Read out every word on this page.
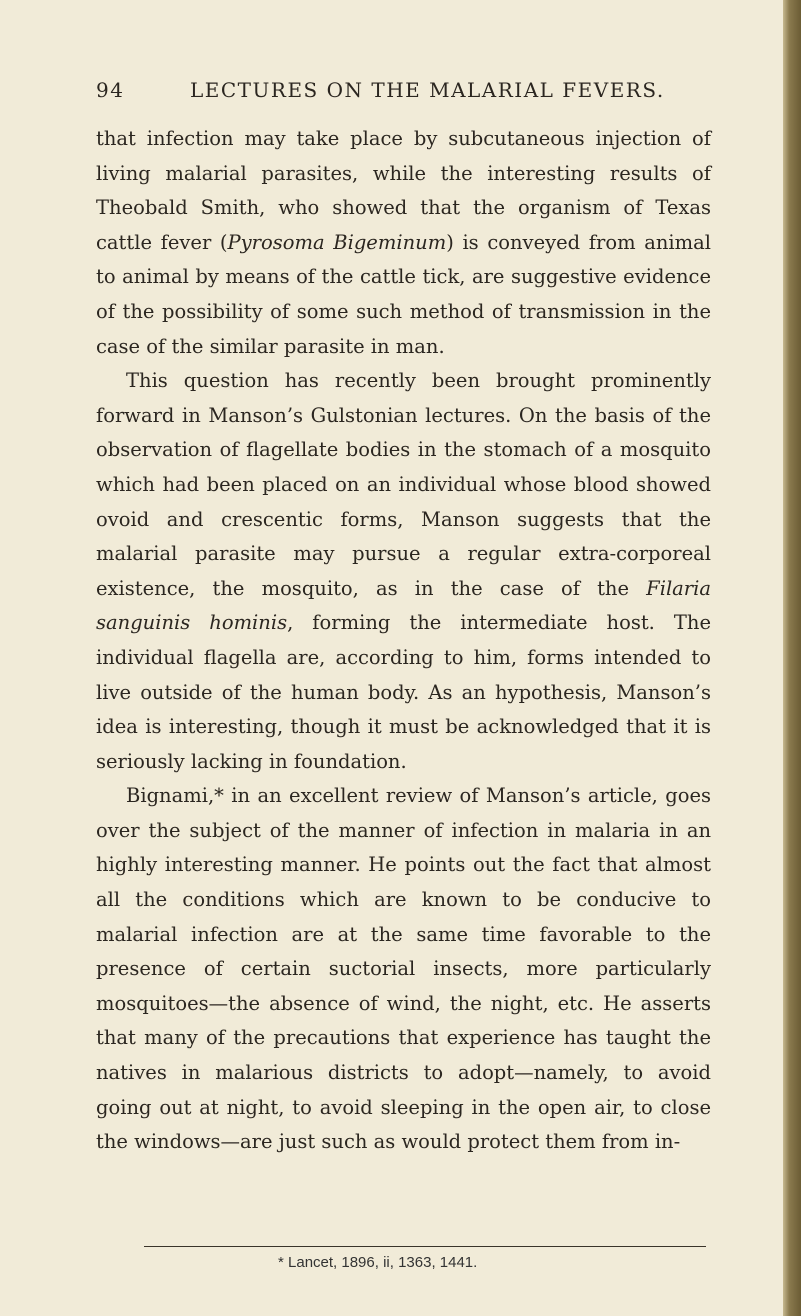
94	LECTURES ON THE MALARIAL FEVERS.

that infection may take place by subcutaneous injection of living malarial parasites, while the interesting results of Theobald Smith, who showed that the organism of Texas cattle fever (Pyrosoma Bigeminum) is conveyed from animal to animal by means of the cattle tick, are suggestive evidence of the possibility of some such method of transmission in the case of the similar parasite in man.

This question has recently been brought prominently forward in Manson’s Gulstonian lectures. On the basis of the observation of flagellate bodies in the stomach of a mosquito which had been placed on an individual whose blood showed ovoid and crescentic forms, Manson suggests that the malarial parasite may pursue a regular extra-corporeal existence, the mosquito, as in the case of the Filaria sanguinis hominis, forming the intermediate host. The individual flagella are, according to him, forms intended to live outside of the human body. As an hypothesis, Manson’s idea is interesting, though it must be acknowledged that it is seriously lacking in foundation.

Bignami,* in an excellent review of Manson’s article, goes over the subject of the manner of infection in malaria in an highly interesting manner. He points out the fact that almost all the conditions which are known to be conducive to malarial infection are at the same time favorable to the presence of certain suctorial insects, more particularly mosquitoes—the absence of wind, the night, etc. He asserts that many of the precautions that experience has taught the natives in malarious districts to adopt—namely, to avoid going out at night, to avoid sleeping in the open air, to close the windows—are just such as would protect them from in-

* Lancet, 1896, ii, 1363, 1441.
